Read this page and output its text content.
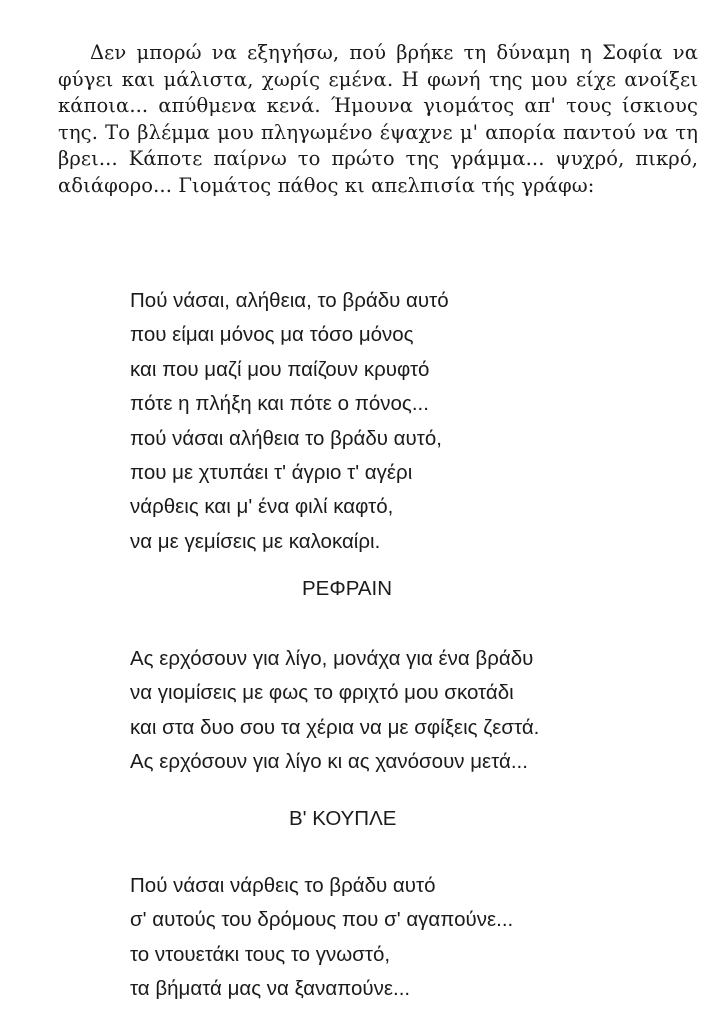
Δεν μπορώ να εξηγήσω, πού βρήκε τη δύναμη η Σοφία να φύγει και μάλιστα, χωρίς εμένα. Η φωνή της μου είχε ανοίξει κάποια... απύθμενα κενά. Ήμουνα γιομάτος απ' τους ίσκιους της. Το βλέμμα μου πληγωμένο έψαχνε μ' απορία παντού να τη βρει... Κάποτε παίρνω το πρώτο της γράμμα... ψυχρό, πικρό, αδιάφορο... Γιομάτος πάθος κι απελπισία τής γράφω:

Πού νάσαι, αλήθεια, το βράδυ αυτό
που είμαι μόνος μα τόσο μόνος
και που μαζί μου παίζουν κρυφτό
πότε η πλήξη και πότε ο πόνος...
πού νάσαι αλήθεια το βράδυ αυτό,
που με χτυπάει τ' άγριο τ' αγέρι
νάρθεις και μ' ένα φιλί καφτό,
να με γεμίσεις με καλοκαίρι.
ΡΕΦΡΑΙΝ
Ας ερχόσουν για λίγο, μονάχα για ένα βράδυ
να γιομίσεις με φως το φριχτό μου σκοτάδι
και στα δυο σου τα χέρια να με σφίξεις ζεστά.
Ας ερχόσουν για λίγο κι ας χανόσουν μετά...
Β' ΚΟΥΠΛΕ
Πού νάσαι νάρθεις το βράδυ αυτό
σ' αυτούς του δρόμους που σ' αγαπούνε...
το ντουετάκι τους το γνωστό,
τα βήματά μας να ξαναπούνε...
